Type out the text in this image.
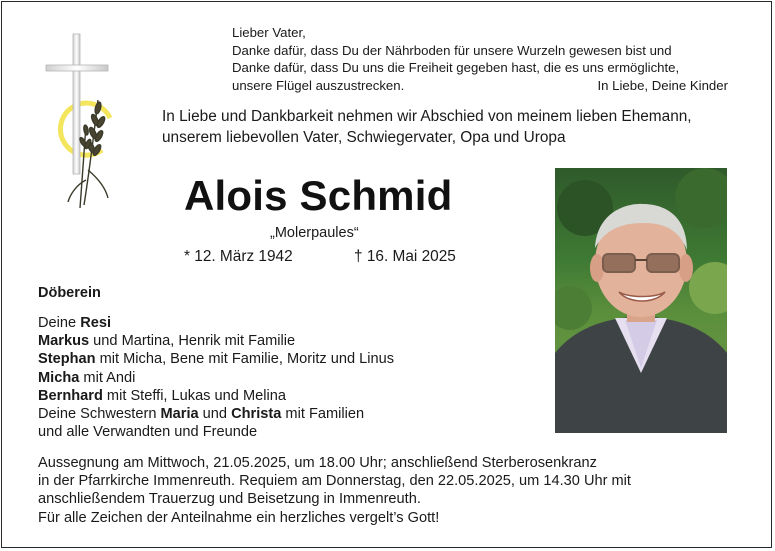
Lieber Vater,
Danke dafür, dass Du der Nährboden für unsere Wurzeln gewesen bist und
Danke dafür, dass Du uns die Freiheit gegeben hast, die es uns ermöglichte,
unsere Flügel auszustrecken.	In Liebe, Deine Kinder
In Liebe und Dankbarkeit nehmen wir Abschied von meinem lieben Ehemann,
unserem liebevollen Vater, Schwiegervater, Opa und Uropa
Alois Schmid
„Molerpaules“
* 12. März 1942	† 16. Mai 2025
Döberein
Deine Resi
Markus und Martina, Henrik mit Familie
Stephan mit Micha, Bene mit Familie, Moritz und Linus
Micha mit Andi
Bernhard mit Steffi, Lukas und Melina
Deine Schwestern Maria und Christa mit Familien
und alle Verwandten und Freunde
Aussegnung am Mittwoch, 21.05.2025, um 18.00 Uhr; anschließend Sterberosenkranz
in der Pfarrkirche Immenreuth. Requiem am Donnerstag, den 22.05.2025, um 14.30 Uhr mit
anschließendem Trauerzug und Beisetzung in Immenreuth.
Für alle Zeichen der Anteilnahme ein herzliches vergelt’s Gott!
